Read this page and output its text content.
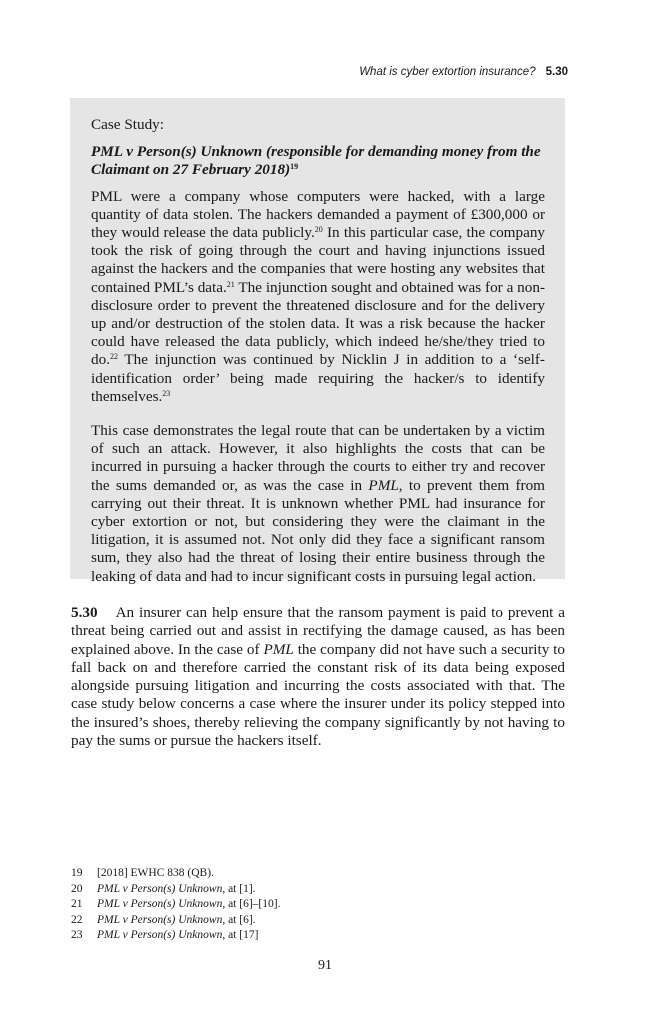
What is cyber extortion insurance? 5.30

Case Study:

PML v Person(s) Unknown (responsible for demanding money from the Claimant on 27 February 2018)$^{19}$

PML were a company whose computers were hacked, with a large quantity of data stolen. The hackers demanded a payment of £300,000 or they would release the data publicly.$^{20}$ In this particular case, the company took the risk of going through the court and having injunctions issued against the hackers and the companies that were hosting any websites that contained PML’s data.$^{21}$ The injunction sought and obtained was for a non-disclosure order to prevent the threatened disclosure and for the delivery up and/or destruction of the stolen data. It was a risk because the hacker could have released the data publicly, which indeed he/she/they tried to do.$^{22}$ The injunction was continued by Nicklin J in addition to a ‘self-identification order’ being made requiring the hacker/s to identify themselves.$^{23}$

This case demonstrates the legal route that can be undertaken by a victim of such an attack. However, it also highlights the costs that can be incurred in pursuing a hacker through the courts to either try and recover the sums demanded or, as was the case in PML, to prevent them from carrying out their threat. It is unknown whether PML had insurance for cyber extortion or not, but considering they were the claimant in the litigation, it is assumed not. Not only did they face a significant ransom sum, they also had the threat of losing their entire business through the leaking of data and had to incur significant costs in pursuing legal action.

5.30 An insurer can help ensure that the ransom payment is paid to prevent a threat being carried out and assist in rectifying the damage caused, as has been explained above. In the case of PML the company did not have such a security to fall back on and therefore carried the constant risk of its data being exposed alongside pursuing litigation and incurring the costs associated with that. The case study below concerns a case where the insurer under its policy stepped into the insured’s shoes, thereby relieving the company significantly by not having to pay the sums or pursue the hackers itself.

19	[2018] EWHC 838 (QB).
20	PML v Person(s) Unknown, at [1].
21	PML v Person(s) Unknown, at [6]–[10].
22	PML v Person(s) Unknown, at [6].
23	PML v Person(s) Unknown, at [17]
91
